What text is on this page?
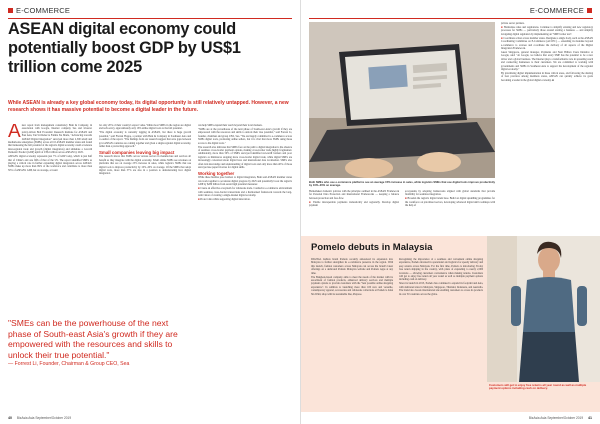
E-COMMERCE
ASEAN digital economy could potentially boost GDP by US$1 trillion come 2025

While ASEAN is already a key global economy today, its digital opportunity is still relatively untapped. However, a new research shows it has massive potential to become a digital leader in the future.

A new report from management consultancy Bain & Company, in association with Google, Internet company Sea and investor policy-driven Bolt Economic Research Institute for ASEAN and East Asia, Tan Sri Rebecca Fatima Sta Maria, "Advancing towards ASEAN Digital Integration" surveyed more than 2,500 small and medium-size enterprises (SMEs) across all 10 ASEAN member states and found that harnessing the full potential of the region's digital economy could accelerate inter-regional trade and growth (digital integration) and stimulate a Growth Domestic Product (GDP) uplift of US$1 trillion across ASEAN by 2025.

ASEAN's digital economy represents just 7% of GDP today, which is just half that of China's and one fifth of that of the US. The report identified SMEs as playing a critical role in further expanding digital integration across ASEAN. SMEs make up more than 99% of the workforce and contribute to more than 50% of ASEAN's GDP, but on average, account

for only 20% of their country's export value. While most SMEs in the region are digital and tech-savvy, approximately only 16% utilise digital tools to the full potential.

"The digital economy is currently lagging in ASEAN, but there is huge growth potential," said Florian Hoppe, a partner with Bain & Company in Southeast Asia and co-author of the report. "The findings from our research suggest that once gaps between govt ASEAN countries are coming together and given a single regional digital economy, rather than a protracting approach."

Small companies leaving big impact

The research shows that SMEs across various sectors in manufacture and services all benefit as they integrate with the digital economy. Small online SMEs see revenues on platforms that are on average 25% increase in sales, while logistics SMEs that use digital tools to improve productivity by 10%–20% on average. Of the SMEs that adopt digital tools, more than 57% are also in a position to demonstrating how digital integration

can help SMEs expand their reach beyond their local markets.

"SMEs are at the powerhouse of the next phase of South-east Asia's growth if they are empowered with the resources and skills to unlock their true potential," said Forrest Li, founder, chairman and group CEO, Sea. "We are hugely committed to e-commerce across SMEs digital tools, promoting online sellers, but it is vital that more SMEs using these access to the digital tools."

The research also indicates that SMEs face on the path to digital integration is the absence of seamless cross-border payment options, making cross-border trade highly fragmented. Additionally, more than 50% of SMEs surveyed identified non-tariff barriers and poor logistics as hindrances stopping more cross-border digital trade, while digital SMEs are increasingly concerned about digital laws and international data localisation. SMEs also often lack knowledge and understanding of digital tools and only more than 40% of those surveyed use paper invoices for digital skills.

Working together

While these hurdles pose barriers to digital integration, Bain said ASEAN member states can work together to accelerate digital progress by 2025 and potentially boost the region's GDP by $280 billion from seven high potential measures:

■ Create an effective ecosystem for wholesale trade. Conducive e-commerce environment with seamless cross-border transactions and a harmonised framework towards the long-term vision of creating a single-market digital economy.

■ Protect data while supporting digital innovation.

"SMEs can be the powerhouse of the next phase of South-east Asia's growth if they are empowered with the resources and skills to unlock their true potential."

— Forrest Li, Founder, Chairman & Group CEO, Sea

40 BizAsia Asia September/October 2019
E-COMMERCE

private sector partners.

■ Harmonise rules and regulations. Continue to simplify existing and new regulatory processes for SMEs — particularly those around starting a business — and simplify navigating digital regulation by implementing an "SME border test".

■ Coordinate action across member states. Designate a single body, such as the ASEAN Coordinating Committee on E-Commerce (ACCEC) — extending its mandate beyond e-commerce to oversee and coordinate the delivery of all aspects of the Digital Integration Framework.

Guest Singapore, general manager, Payments and Next Billion Users Initiative at Google, said: "At Google, we believe that every SME has the potential to be a new driver and a global business. The Internet plays a transformative role in spreading reach and connecting businesses to their customers. We are committed to working with governments and SMEs in Southeast Asia to support the development of the regional digital economy."

By prioritising digital implementation in these critical areas, and following the sharing of best practices among members states, ASEAN can quickly achieve its goals becoming a leader in the global digital economy. ■

Both SMEs who use e-commerce platforms see an average 15% increase in sales, while logistics SMEs that use digital tools improve productivity by 10%–20% on average.

Homemaker domestic policies with the principle outlined in the ASEAN Framework for Personal Data Protection and International Frameworks — keeping a balance between protection and free-flow.

■ Enable interoperable payments domestically and regionally. Develop digital payment

ecosystems by adopting frameworks aligned with global standards that provide flexibility for seamless integration.

■ Broaden the region's digital talent base. Build on digital upskilling programmes for the workforce on prioritised sectors, developing advanced digital skill roadmaps with the help of

Pomelo debuts in Malaysia

DIGITAL fashion brand Pomelo recently announced its expansion into Malaysia to further strengthen its e-commerce presence in the region. With this launch, fashion customers across Malaysia can access the brand's latest offerings on a dedicated Pomelo Malaysia website and Pomelo Apps at any time.

The Bangkok-based company aims to meet the needs of the market with its assortment of fashion products, enhanced delivery services and multiple payment options to provide customers with the "best possible online shopping experience". In addition to launching more than 100 new and versatile, contemporary apparel, accessories and wholesale collections at Pomelo's Jalan Sin Wahl, shop with its sustainable line, Purpose.

Recognising the importance of a seamless and convenient online shopping experience, Pomelo invested in operational and logistics for speedy delivery and easy returns across Malaysia. For the first time, Pomelo is introducing 30-day free return shipping in the country, with plans of expanding to nearly 2,000 locations — allowing customers convenience when making returns. Customers will get to enjoy free return all year round as well as multiple payment options including cash on delivery.

Since its launch in 2013, Pomelo has continued to expand its footprint and Asia, with dedicated sites in Malaysia, Singapore, Thailand, Indonesia, and Australia. The brand also boasts international site enabling customers to access its products in over 50 countries across the globe.

Customers will get to enjoy free returns all year round as well as multiple payment options including cash on delivery.

BizAsia Asia September/October 2019 41
